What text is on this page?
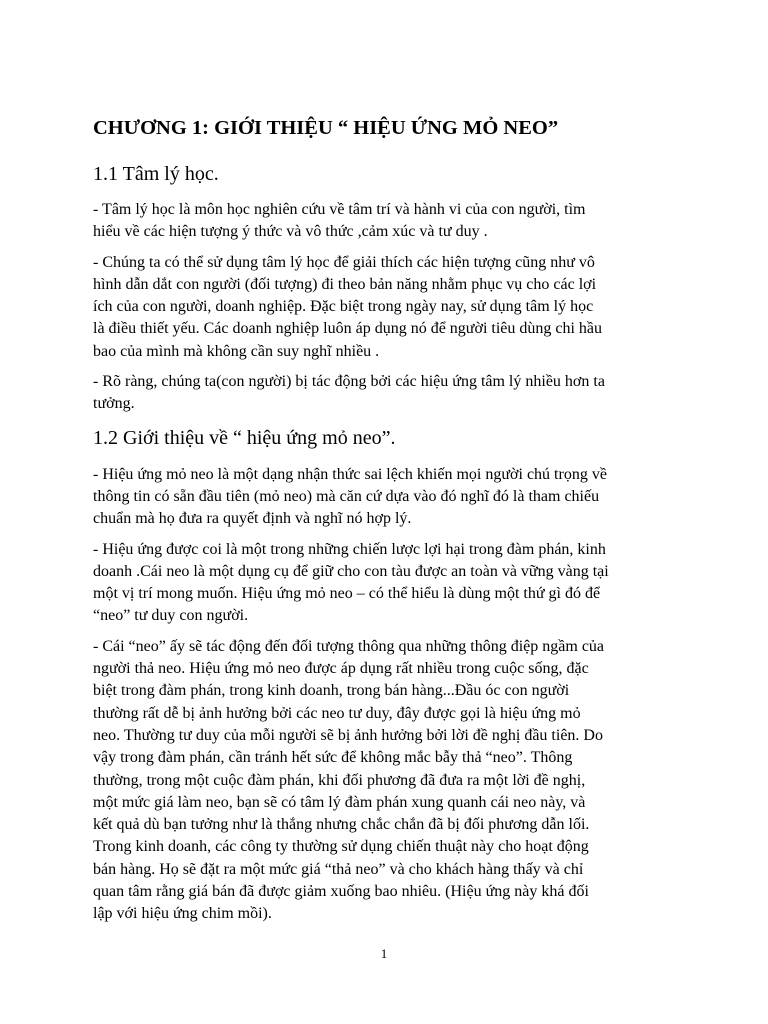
CHƯƠNG 1: GIỚI THIỆU “ HIỆU ỨNG MỎ NEO”
1.1 Tâm lý học.

- Tâm lý học là môn học nghiên cứu về tâm trí và hành vi của con người, tìm
hiểu về các hiện tượng ý thức và vô thức ,cảm xúc và tư duy .

- Chúng ta có thể sử dụng tâm lý học để giải thích các hiện tượng cũng như vô
hình dẫn dắt con người (đối tượng) đi theo bản năng nhằm phục vụ cho các lợi
ích của con người, doanh nghiệp. Đặc biệt trong ngày nay, sử dụng tâm lý học
là điều thiết yếu. Các doanh nghiệp luôn áp dụng nó để người tiêu dùng chi hầu
bao của mình mà không cần suy nghĩ nhiều .

- Rõ ràng, chúng ta(con người) bị tác động bởi các hiệu ứng tâm lý nhiều hơn ta
tưởng.

1.2 Giới thiệu về “ hiệu ứng mỏ neo”.

- Hiệu ứng mỏ neo là một dạng nhận thức sai lệch khiến mọi người chú trọng về
thông tin có sẵn đầu tiên (mỏ neo) mà căn cứ dựa vào đó nghĩ đó là tham chiếu
chuẩn mà họ đưa ra quyết định và nghĩ nó hợp lý.

- Hiệu ứng được coi là một trong những chiến lược lợi hại trong đàm phán, kinh
doanh .Cái neo là một dụng cụ để giữ cho con tàu được an toàn và vững vàng tại
một vị trí mong muốn. Hiệu ứng mỏ neo – có thể hiểu là dùng một thứ gì đó để
“neo” tư duy con người.

- Cái “neo” ấy sẽ tác động đến đối tượng thông qua những thông điệp ngầm của
người thả neo. Hiệu ứng mỏ neo được áp dụng rất nhiều trong cuộc sống, đặc
biệt trong đàm phán, trong kinh doanh, trong bán hàng...Đầu óc con người
thường rất dễ bị ảnh hưởng bởi các neo tư duy, đây được gọi là hiệu ứng mỏ
neo. Thường tư duy của mỗi người sẽ bị ảnh hưởng bởi lời đề nghị đầu tiên. Do
vậy trong đàm phán, cần tránh hết sức để không mắc bẫy thả “neo”. Thông
thường, trong một cuộc đàm phán, khi đối phương đã đưa ra một lời đề nghị,
một mức giá làm neo, bạn sẽ có tâm lý đàm phán xung quanh cái neo này, và
kết quả dù bạn tưởng như là thắng nhưng chắc chắn đã bị đối phương dẫn lối.
Trong kinh doanh, các công ty thường sử dụng chiến thuật này cho hoạt động
bán hàng. Họ sẽ đặt ra một mức giá “thả neo” và cho khách hàng thấy và chỉ
quan tâm rằng giá bán đã được giảm xuống bao nhiêu. (Hiệu ứng này khá đối
lập với hiệu ứng chim mồi).

1
